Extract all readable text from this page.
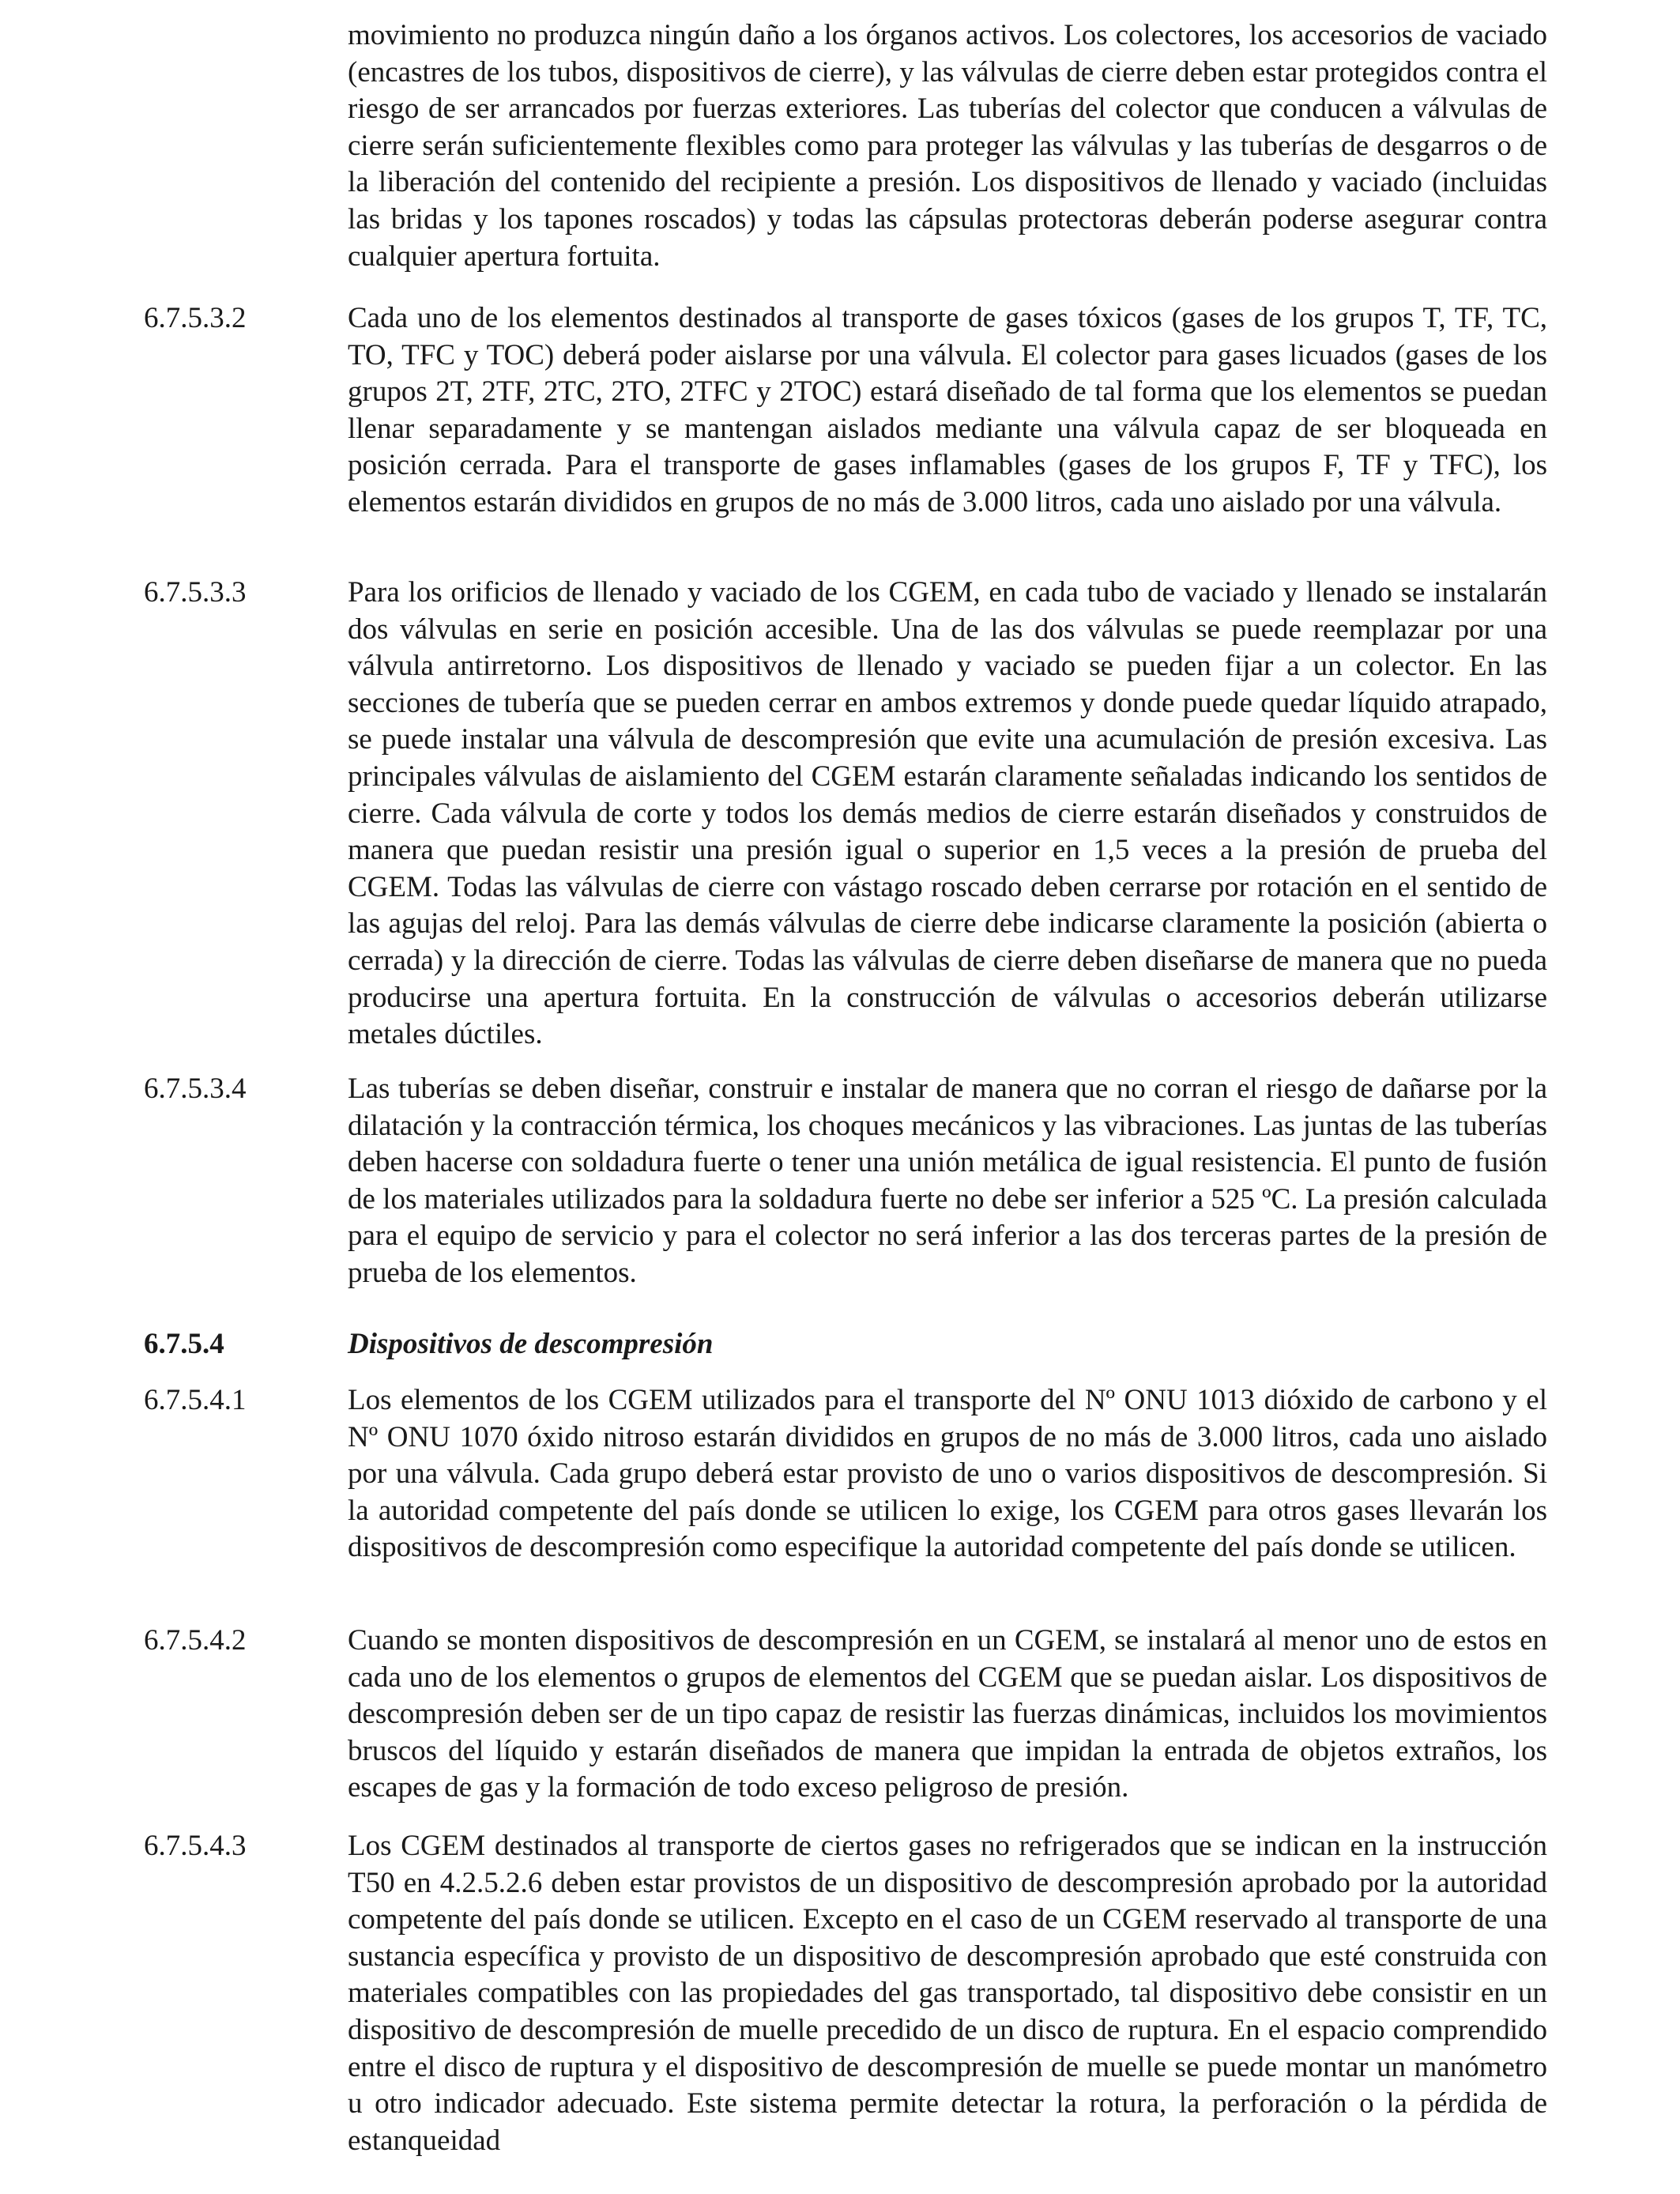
movimiento no produzca ningún daño a los órganos activos. Los colectores, los accesorios de vaciado (encastres de los tubos, dispositivos de cierre), y las válvulas de cierre deben estar protegidos contra el riesgo de ser arrancados por fuerzas exteriores. Las tuberías del colector que conducen a válvulas de cierre serán suficientemente flexibles como para proteger las válvulas y las tuberías de desgarros o de la liberación del contenido del recipiente a presión. Los dispositivos de llenado y vaciado (incluidas las bridas y los tapones roscados) y todas las cápsulas protectoras deberán poderse asegurar contra cualquier apertura fortuita.

6.7.5.3.2	Cada uno de los elementos destinados al transporte de gases tóxicos (gases de los grupos T, TF, TC, TO, TFC y TOC) deberá poder aislarse por una válvula. El colector para gases licuados (gases de los grupos 2T, 2TF, 2TC, 2TO, 2TFC y 2TOC) estará diseñado de tal forma que los elementos se puedan llenar separadamente y se mantengan aislados mediante una válvula capaz de ser bloqueada en posición cerrada. Para el transporte de gases inflamables (gases de los grupos F, TF y TFC), los elementos estarán divididos en grupos de no más de 3.000 litros, cada uno aislado por una válvula.

6.7.5.3.3	Para los orificios de llenado y vaciado de los CGEM, en cada tubo de vaciado y llenado se instalarán dos válvulas en serie en posición accesible. Una de las dos válvulas se puede reemplazar por una válvula antirretorno. Los dispositivos de llenado y vaciado se pueden fijar a un colector. En las secciones de tubería que se pueden cerrar en ambos extremos y donde puede quedar líquido atrapado, se puede instalar una válvula de descompresión que evite una acumulación de presión excesiva. Las principales válvulas de aislamiento del CGEM estarán claramente señaladas indicando los sentidos de cierre. Cada válvula de corte y todos los demás medios de cierre estarán diseñados y construidos de manera que puedan resistir una presión igual o superior en 1,5 veces a la presión de prueba del CGEM. Todas las válvulas de cierre con vástago roscado deben cerrarse por rotación en el sentido de las agujas del reloj. Para las demás válvulas de cierre debe indicarse claramente la posición (abierta o cerrada) y la dirección de cierre. Todas las válvulas de cierre deben diseñarse de manera que no pueda producirse una apertura fortuita. En la construcción de válvulas o accesorios deberán utilizarse metales dúctiles.

6.7.5.3.4	Las tuberías se deben diseñar, construir e instalar de manera que no corran el riesgo de dañarse por la dilatación y la contracción térmica, los choques mecánicos y las vibraciones. Las juntas de las tuberías deben hacerse con soldadura fuerte o tener una unión metálica de igual resistencia. El punto de fusión de los materiales utilizados para la soldadura fuerte no debe ser inferior a 525 ºC. La presión calculada para el equipo de servicio y para el colector no será inferior a las dos terceras partes de la presión de prueba de los elementos.

6.7.5.4	Dispositivos de descompresión

6.7.5.4.1	Los elementos de los CGEM utilizados para el transporte del Nº ONU 1013 dióxido de carbono y el Nº ONU 1070 óxido nitroso estarán divididos en grupos de no más de 3.000 litros, cada uno aislado por una válvula. Cada grupo deberá estar provisto de uno o varios dispositivos de descompresión. Si la autoridad competente del país donde se utilicen lo exige, los CGEM para otros gases llevarán los dispositivos de descompresión como especifique la autoridad competente del país donde se utilicen.

6.7.5.4.2	Cuando se monten dispositivos de descompresión en un CGEM, se instalará al menor uno de estos en cada uno de los elementos o grupos de elementos del CGEM que se puedan aislar. Los dispositivos de descompresión deben ser de un tipo capaz de resistir las fuerzas dinámicas, incluidos los movimientos bruscos del líquido y estarán diseñados de manera que impidan la entrada de objetos extraños, los escapes de gas y la formación de todo exceso peligroso de presión.

6.7.5.4.3	Los CGEM destinados al transporte de ciertos gases no refrigerados que se indican en la instrucción T50 en 4.2.5.2.6 deben estar provistos de un dispositivo de descompresión aprobado por la autoridad competente del país donde se utilicen. Excepto en el caso de un CGEM reservado al transporte de una sustancia específica y provisto de un dispositivo de descompresión aprobado que esté construida con materiales compatibles con las propiedades del gas transportado, tal dispositivo debe consistir en un dispositivo de descompresión de muelle precedido de un disco de ruptura. En el espacio comprendido entre el disco de ruptura y el dispositivo de descompresión de muelle se puede montar un manómetro u otro indicador adecuado. Este sistema permite detectar la rotura, la perforación o la pérdida de estanqueidad
